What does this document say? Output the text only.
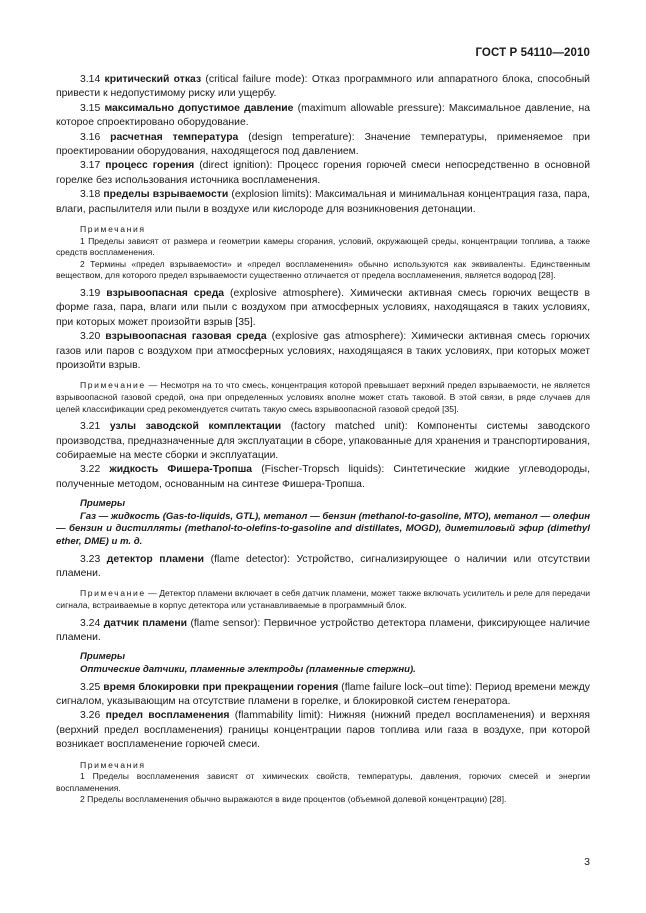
ГОСТ Р 54110—2010

3.14 критический отказ (critical failure mode): Отказ программного или аппаратного блока, способный привести к недопустимому риску или ущербу.

3.15 максимально допустимое давление (maximum allowable pressure): Максимальное давление, на которое спроектировано оборудование.

3.16 расчетная температура (design temperature): Значение температуры, применяемое при проектировании оборудования, находящегося под давлением.

3.17 процесс горения (direct ignition): Процесс горения горючей смеси непосредственно в основной горелке без использования источника воспламенения.

3.18 пределы взрываемости (explosion limits): Максимальная и минимальная концентрация газа, пара, влаги, распылителя или пыли в воздухе или кислороде для возникновения детонации.

Примечания

1 Пределы зависят от размера и геометрии камеры сгорания, условий, окружающей среды, концентрации топлива, а также средств воспламенения.

2 Термины «предел взрываемости» и «предел воспламенения» обычно используются как эквиваленты. Единственным веществом, для которого предел взрываемости существенно отличается от предела воспламенения, является водород [28].

3.19 взрывоопасная среда (explosive atmosphere). Химически активная смесь горючих веществ в форме газа, пара, влаги или пыли с воздухом при атмосферных условиях, находящаяся в таких условиях, при которых может произойти взрыв [35].

3.20 взрывоопасная газовая среда (explosive gas atmosphere): Химически активная смесь горючих газов или паров с воздухом при атмосферных условиях, находящаяся в таких условиях, при которых может произойти взрыв.

Примечание — Несмотря на то что смесь, концентрация которой превышает верхний предел взрываемости, не является взрывоопасной газовой средой, она при определенных условиях вполне может стать таковой. В этой связи, в ряде случаев для целей классификации сред рекомендуется считать такую смесь взрывоопасной газовой средой [35].

3.21 узлы заводской комплектации (factory matched unit): Компоненты системы заводского производства, предназначенные для эксплуатации в сборе, упакованные для хранения и транспортирования, собираемые на месте сборки и эксплуатации.

3.22 жидкость Фишера-Тропша (Fischer-Tropsch liquids): Синтетические жидкие углеводороды, полученные методом, основанным на синтезе Фишера-Тропша.

Примеры

Газ — жидкость (Gas-to-liquids, GTL), метанол — бензин (methanol-to-gasoline, MTO), метанол — олефин — бензин и дистилляты (methanol-to-olefins-to-gasoline and distillates, MOGD), диметиловый эфир (dimethyl ether, DME) и т. д.

3.23 детектор пламени (flame detector): Устройство, сигнализирующее о наличии или отсутствии пламени.

Примечание — Детектор пламени включает в себя датчик пламени, может также включать усилитель и реле для передачи сигнала, встраиваемые в корпус детектора или устанавливаемые в программный блок.

3.24 датчик пламени (flame sensor): Первичное устройство детектора пламени, фиксирующее наличие пламени.

Примеры

Оптические датчики, пламенные электроды (пламенные стержни).

3.25 время блокировки при прекращении горения (flame failure lock–out time): Период времени между сигналом, указывающим на отсутствие пламени в горелке, и блокировкой систем генератора.

3.26 предел воспламенения (flammability limit): Нижняя (нижний предел воспламенения) и верхняя (верхний предел воспламенения) границы концентрации паров топлива или газа в воздухе, при которой возникает воспламенение горючей смеси.

Примечания

1 Пределы воспламенения зависят от химических свойств, температуры, давления, горючих смесей и энергии воспламенения.

2 Пределы воспламенения обычно выражаются в виде процентов (объемной долевой концентрации) [28].

3
